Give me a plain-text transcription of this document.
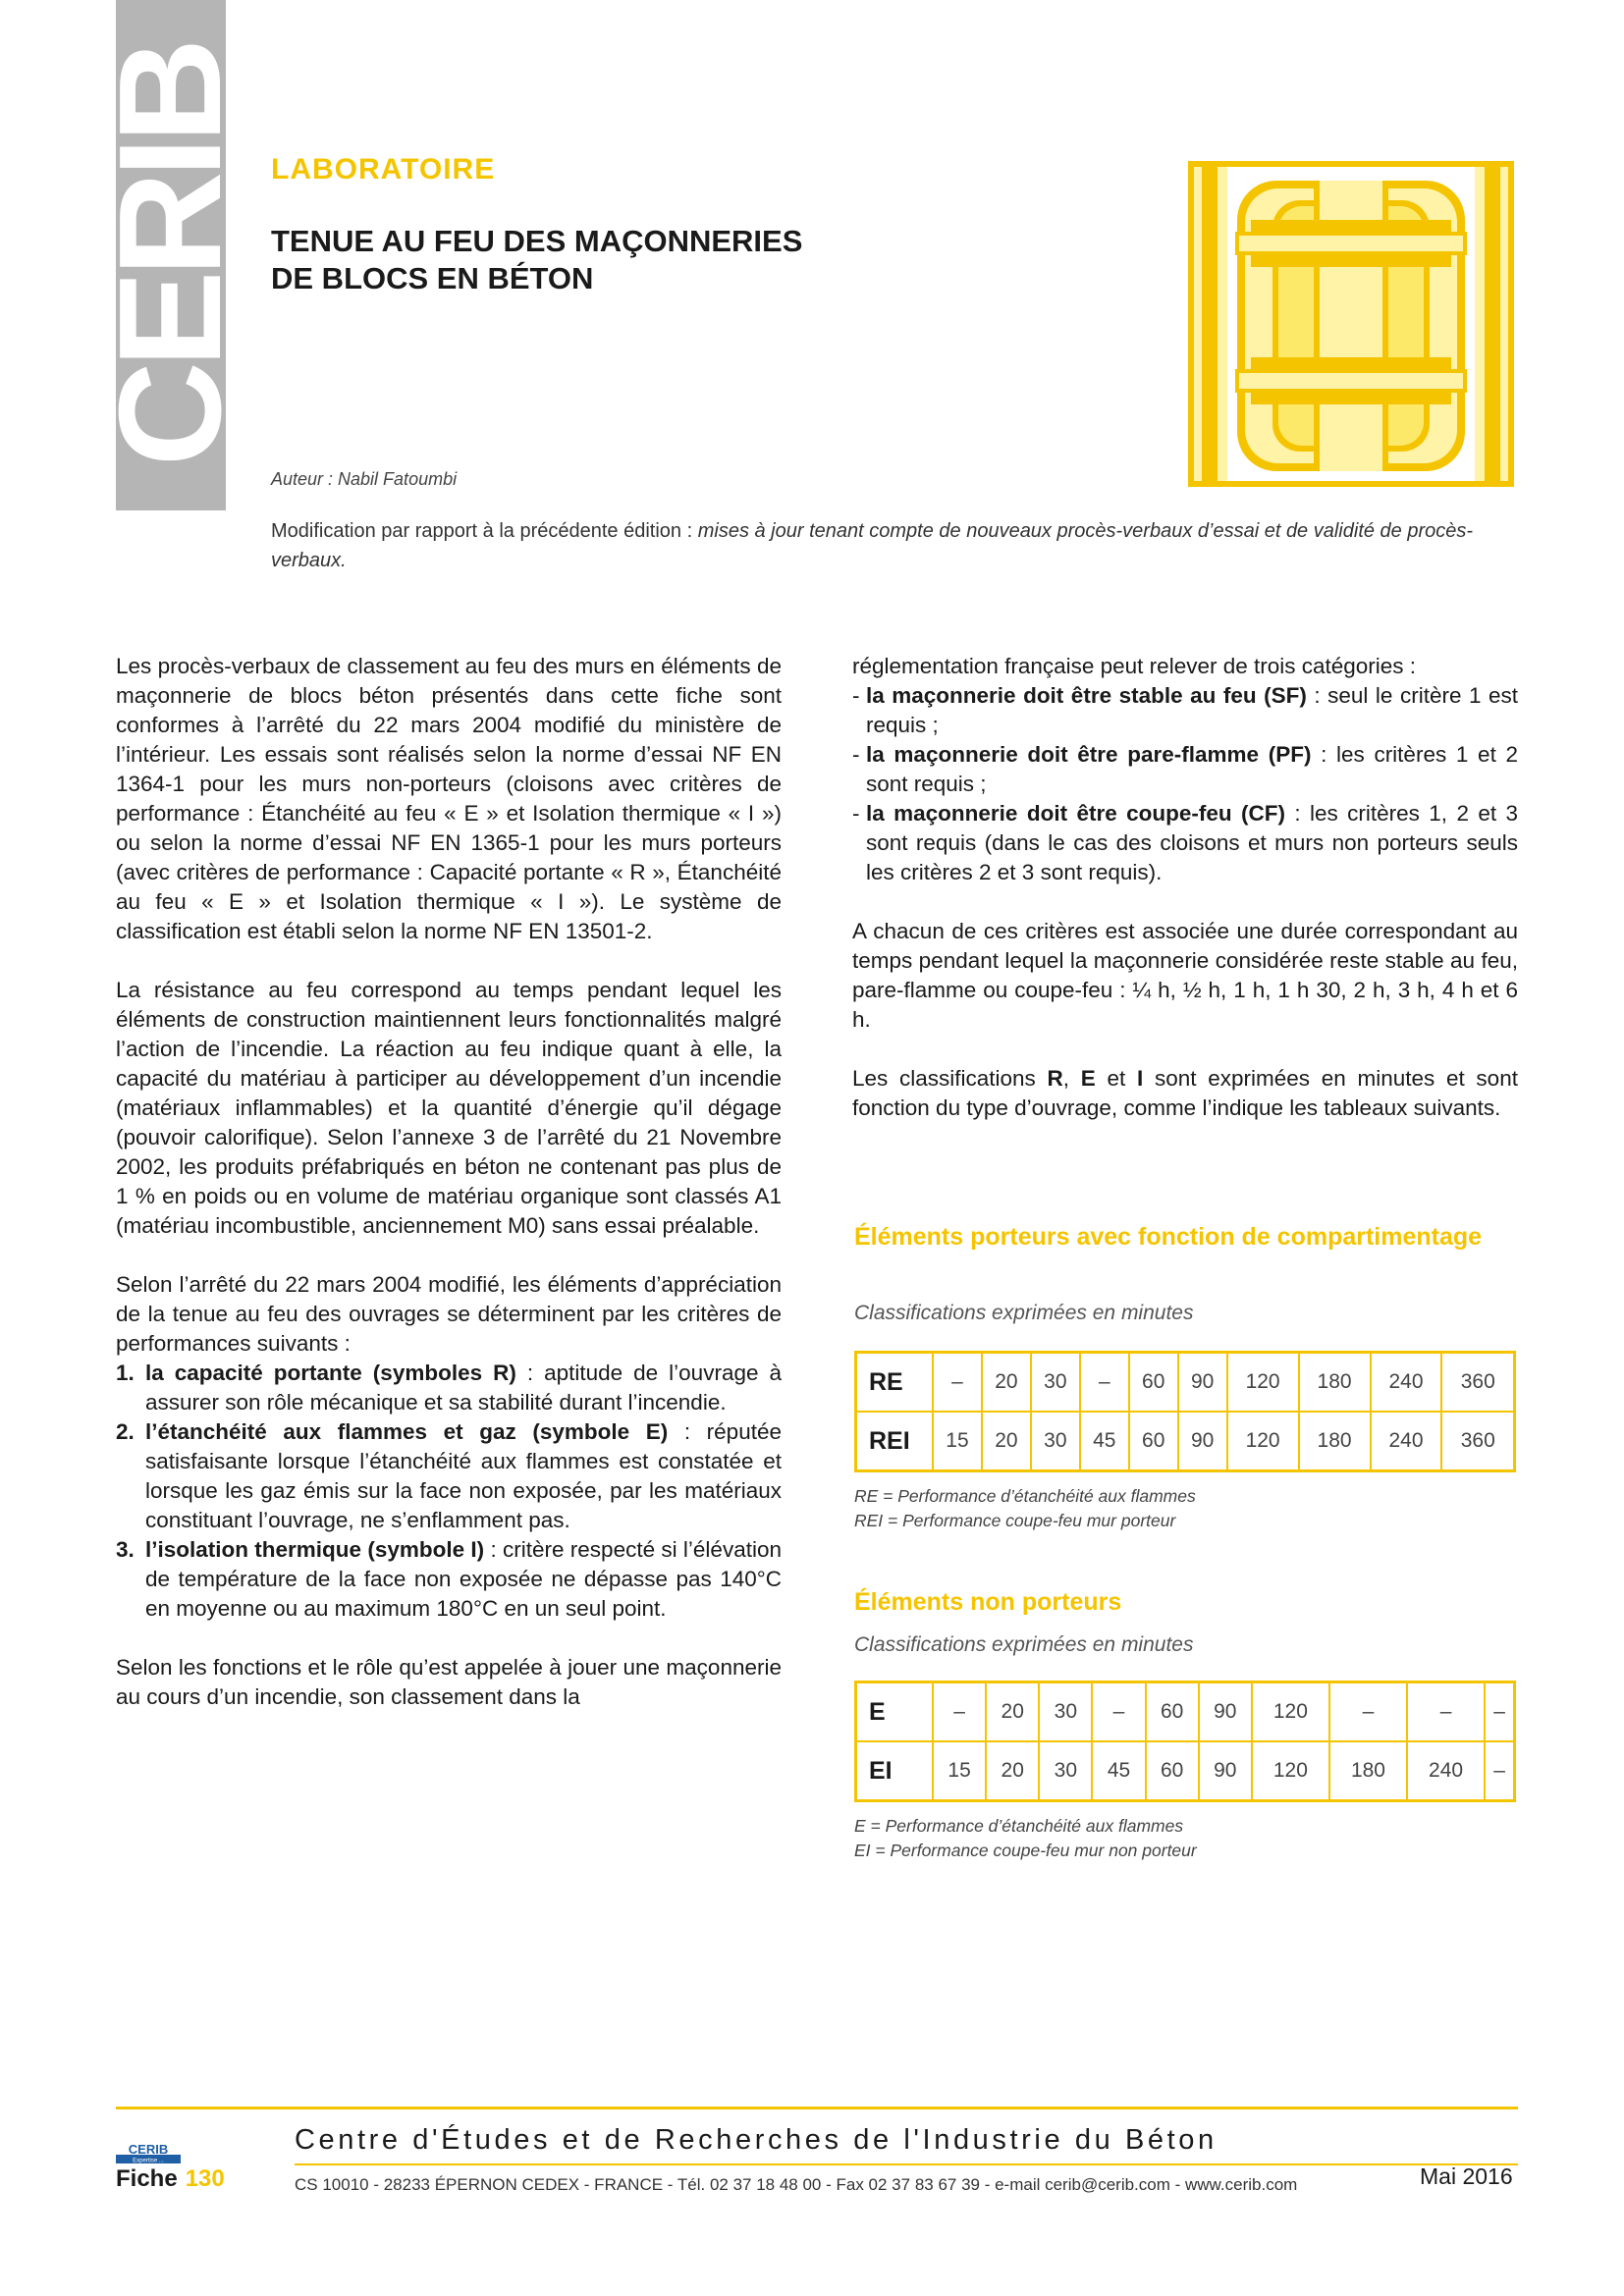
CERIB LABORATOIRE
TENUE AU FEU DES MAÇONNERIES
DE BLOCS EN BÉTON
Auteur : Nabil Fatoumbi
Modification par rapport à la précédente édition : mises à jour tenant compte de nouveaux procès-verbaux d’essai et de validité de procès-verbaux.

Les procès-verbaux de classement au feu des murs en éléments de maçonnerie de blocs béton présentés dans cette fiche sont conformes à l’arrêté du 22 mars 2004 modifié du ministère de l’intérieur. Les essais sont réalisés selon la norme d’essai NF EN 1364-1 pour les murs non-porteurs (cloisons avec critères de performance : Étanchéité au feu « E » et Isolation thermique « I ») ou selon la norme d’essai NF EN 1365-1 pour les murs porteurs (avec critères de performance : Capacité portante « R », Étanchéité au feu « E » et Isolation thermique « I »). Le système de classification est établi selon la norme NF EN 13501-2.

La résistance au feu correspond au temps pendant lequel les éléments de construction maintiennent leurs fonctionnalités malgré l’action de l’incendie. La réaction au feu indique quant à elle, la capacité du matériau à participer au développement d’un incendie (matériaux inflammables) et la quantité d’énergie qu’il dégage (pouvoir calorifique). Selon l’annexe 3 de l’arrêté du 21 Novembre 2002, les produits préfabriqués en béton ne contenant pas plus de 1 % en poids ou en volume de matériau organique sont classés A1 (matériau incombustible, anciennement M0) sans essai préalable.

Selon l’arrêté du 22 mars 2004 modifié, les éléments d’appréciation de la tenue au feu des ouvrages se déterminent par les critères de performances suivants :

1. la capacité portante (symboles R) : aptitude de l’ouvrage à assurer son rôle mécanique et sa stabilité durant l’incendie.
2. l’étanchéité aux flammes et gaz (symbole E) : réputée satisfaisante lorsque l’étanchéité aux flammes est constatée et lorsque les gaz émis sur la face non exposée, par les matériaux constituant l’ouvrage, ne s’enflamment pas.
3. l’isolation thermique (symbole I) : critère respecté si l’élévation de température de la face non exposée ne dépasse pas 140°C en moyenne ou au maximum 180°C en un seul point.

Selon les fonctions et le rôle qu’est appelée à jouer une maçonnerie au cours d’un incendie, son classement dans la

réglementation française peut relever de trois catégories :

- la maçonnerie doit être stable au feu (SF) : seul le critère 1 est requis ;
- la maçonnerie doit être pare-flamme (PF) : les critères 1 et 2 sont requis ;
- la maçonnerie doit être coupe-feu (CF) : les critères 1, 2 et 3 sont requis (dans le cas des cloisons et murs non porteurs seuls les critères 2 et 3 sont requis).

A chacun de ces critères est associée une durée correspondant au temps pendant lequel la maçonnerie considérée reste stable au feu, pare-flamme ou coupe-feu : ¼ h, ½ h, 1 h, 1 h 30, 2 h, 3 h, 4 h et 6 h.

Les classifications R, E et I sont exprimées en minutes et sont fonction du type d’ouvrage, comme l’indique les tableaux suivants.

Éléments porteurs avec fonction de compartimentage
Classifications exprimées en minutes
RE	–	20	30	–	60	90	120	180	240	360
REI	15	20	30	45	60	90	120	180	240	360
RE = Performance d’étanchéité aux flammes
REI = Performance coupe-feu mur porteur
Éléments non porteurs
Classifications exprimées en minutes
E	–	20	30	–	60	90	120	–	–	–
EI	15	20	30	45	60	90	120	180	240	–
E = Performance d’étanchéité aux flammes
EI = Performance coupe-feu mur non porteur
CERIB
Expertise ...
Fiche 130
Centre d'Études et de Recherches de l'Industrie du Béton
CS 10010 - 28233 ÉPERNON CEDEX - FRANCE - Tél. 02 37 18 48 00 - Fax 02 37 83 67 39 - e-mail cerib@cerib.com - www.cerib.com	Mai 2016
